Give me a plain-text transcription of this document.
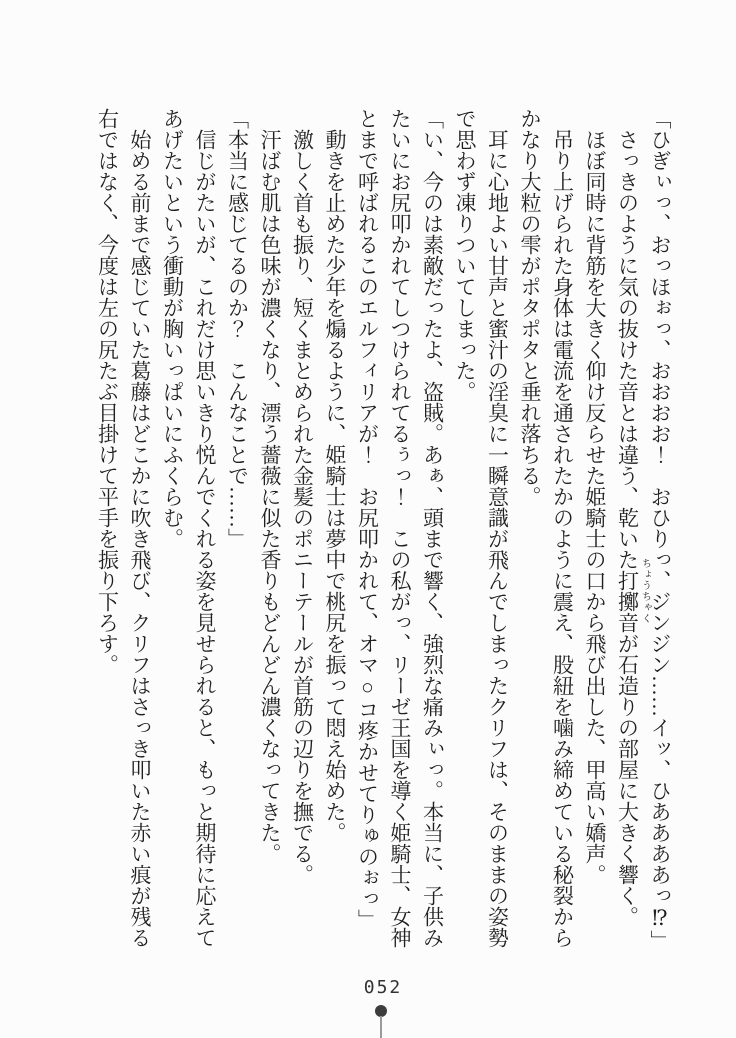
「ひぎぃっ、おっほぉっ、おおおお！　おひりっ、ジンジン……イッ、ひああああっ⁉」
さっきのように気の抜けた音とは違う、乾いた打擲 ちょうちゃく
音が石造りの部屋に大きく響く。
ほぼ同時に背筋を大きく仰け反らせた姫騎士の口から飛び出した、甲高い嬌声。
吊り上げられた身体は電流を通されたかのように震え、股紐を噛み締めている秘裂から
かなり大粒の雫がポタポタと垂れ落ちる。
耳に心地よい甘声と蜜汁の淫臭に一瞬意識が飛んでしまったクリフは、そのままの姿勢
で思わず凍りついてしまった。
「い、今のは素敵だったよ、盗賊。あぁ、頭まで響く、強烈な痛みぃっ。本当に、子供み
たいにお尻叩かれてしつけられてるぅっ！　この私がっ、リーゼ王国を導く姫騎士、女神
とまで呼ばれるこのエルフィリアが！　お尻叩かれて、オマ○コ疼かせてりゅのぉっ」
動きを止めた少年を煽るように、姫騎士は夢中で桃尻を振って悶え始めた。
激しく首も振り、短くまとめられた金髪のポニーテールが首筋の辺りを撫でる。
汗ばむ肌は色味が濃くなり、漂う薔薇に似た香りもどんどん濃くなってきた。
「本当に感じてるのか？　こんなことで……」
信じがたいが、これだけ思いきり悦んでくれる姿を見せられると、もっと期待に応えて
あげたいという衝動が胸いっぱいにふくらむ。
始める前まで感じていた葛藤はどこかに吹き飛び、クリフはさっき叩いた赤い痕が残る
右ではなく、今度は左の尻たぶ目掛けて平手を振り下ろす。
052
